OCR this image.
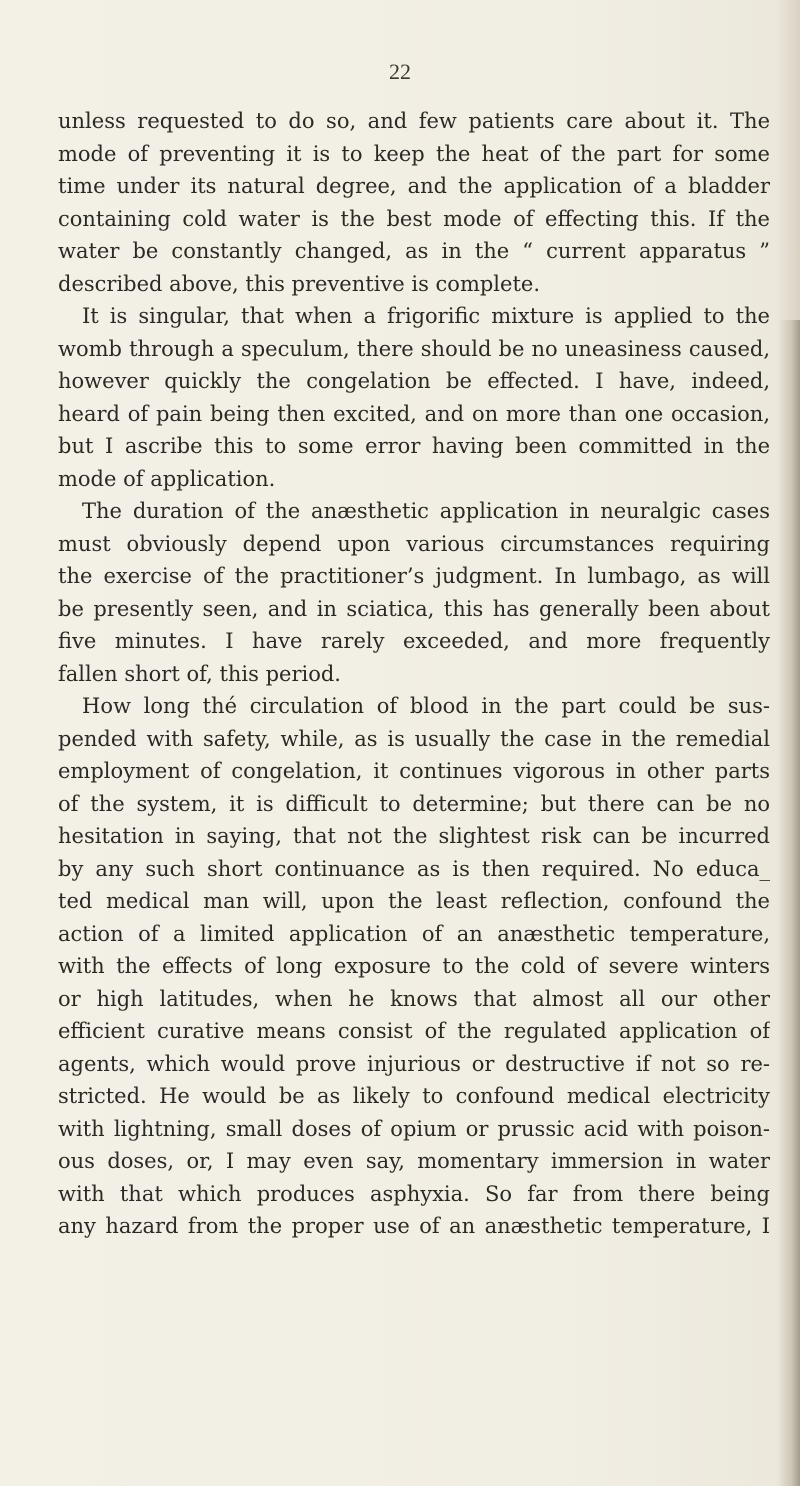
22
unless requested to do so, and few patients care about it. The
mode of preventing it is to keep the heat of the part for some
time under its natural degree, and the application of a bladder
containing cold water is the best mode of effecting this. If the
water be constantly changed, as in the “ current apparatus ”
described above, this preventive is complete.
It is singular, that when a frigorific mixture is applied to the
womb through a speculum, there should be no uneasiness caused,
however quickly the congelation be effected. I have, indeed,
heard of pain being then excited, and on more than one occasion,
but I ascribe this to some error having been committed in the
mode of application.
The duration of the anæsthetic application in neuralgic cases
must obviously depend upon various circumstances requiring
the exercise of the practitioner’s judgment. In lumbago, as will
be presently seen, and in sciatica, this has generally been about
five minutes. I have rarely exceeded, and more frequently
fallen short of, this period.
How long thé circulation of blood in the part could be sus-
pended with safety, while, as is usually the case in the remedial
employment of congelation, it continues vigorous in other parts
of the system, it is difficult to determine; but there can be no
hesitation in saying, that not the slightest risk can be incurred
by any such short continuance as is then required. No educa_
ted medical man will, upon the least reflection, confound the
action of a limited application of an anæsthetic temperature,
with the effects of long exposure to the cold of severe winters
or high latitudes, when he knows that almost all our other
efficient curative means consist of the regulated application of
agents, which would prove injurious or destructive if not so re-
stricted. He would be as likely to confound medical electricity
with lightning, small doses of opium or prussic acid with poison-
ous doses, or, I may even say, momentary immersion in water
with that which produces asphyxia. So far from there being
any hazard from the proper use of an anæsthetic temperature, I
